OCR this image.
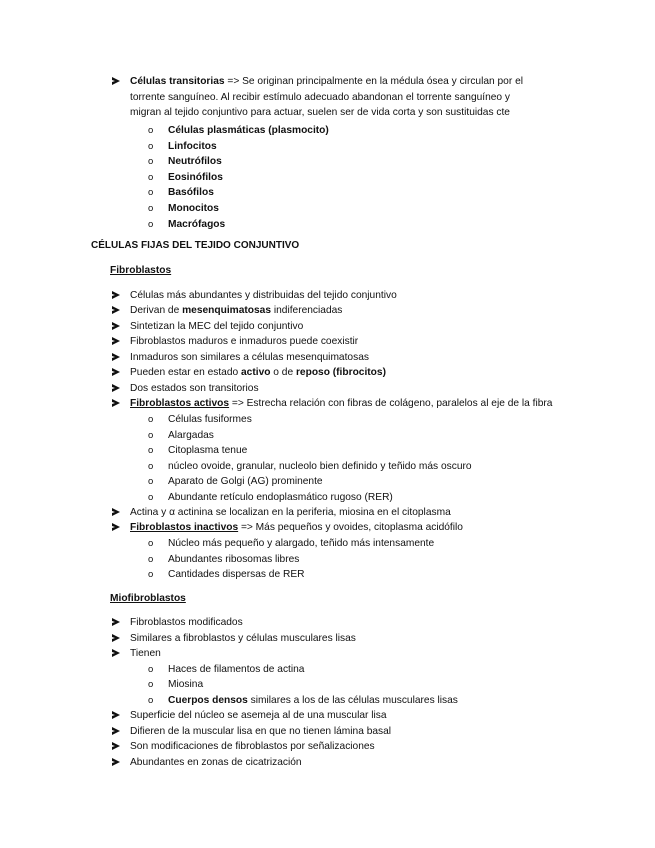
Células transitorias => Se originan principalmente en la médula ósea y circulan por el
torrente sanguíneo. Al recibir estímulo adecuado abandonan el torrente sanguíneo y
migran al tejido conjuntivo para actuar, suelen ser de vida corta y son sustituidas cte
o Células plasmáticas (plasmocito)
o Linfocitos
o Neutrófilos
o Eosinófilos
o Basófilos
o Monocitos
o Macrófagos
CÉLULAS FIJAS DEL TEJIDO CONJUNTIVO
Fibroblastos
Células más abundantes y distribuidas del tejido conjuntivo
Derivan de mesenquimatosas indiferenciadas
Sintetizan la MEC del tejido conjuntivo
Fibroblastos maduros e inmaduros puede coexistir
Inmaduros son similares a células mesenquimatosas
Pueden estar en estado activo o de reposo (fibrocitos)
Dos estados son transitorios
Fibroblastos activos => Estrecha relación con fibras de colágeno, paralelos al eje de la fibra
o Células fusiformes
o Alargadas
o Citoplasma tenue
o núcleo ovoide, granular, nucleolo bien definido y teñido más oscuro
o Aparato de Golgi (AG) prominente
o Abundante retículo endoplasmático rugoso (RER)
Actina y α actinina se localizan en la periferia, miosina en el citoplasma
Fibroblastos inactivos => Más pequeños y ovoides, citoplasma acidófilo
o Núcleo más pequeño y alargado, teñido más intensamente
o Abundantes ribosomas libres
o Cantidades dispersas de RER
Miofibroblastos
Fibroblastos modificados
Similares a fibroblastos y células musculares lisas
Tienen
o Haces de filamentos de actina
o Miosina
o Cuerpos densos similares a los de las células musculares lisas
Superficie del núcleo se asemeja al de una muscular lisa
Difieren de la muscular lisa en que no tienen lámina basal
Son modificaciones de fibroblastos por señalizaciones
Abundantes en zonas de cicatrización
